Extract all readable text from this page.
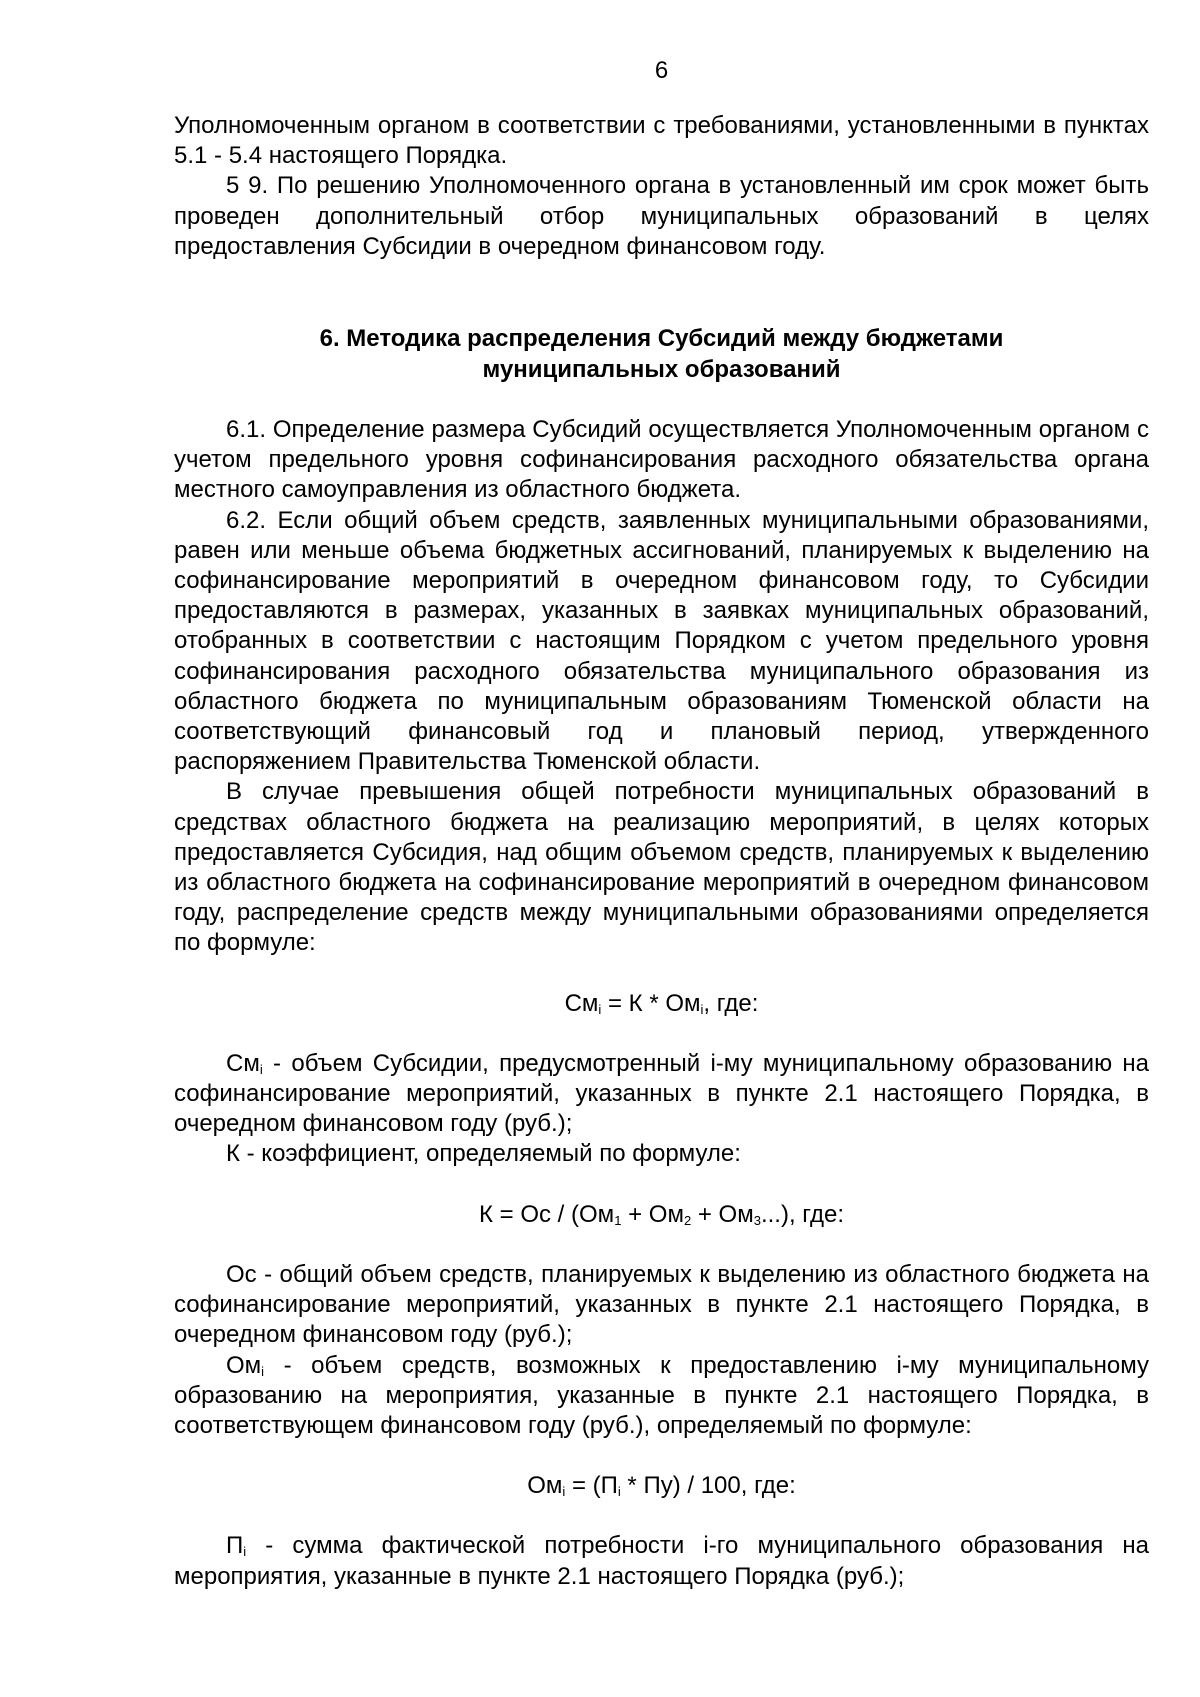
6

Уполномоченным органом в соответствии с требованиями, установленными в пунктах 5.1 - 5.4 настоящего Порядка.

5 9. По решению Уполномоченного органа в установленный им срок может быть проведен дополнительный отбор муниципальных образований в целях предоставления Субсидии в очередном финансовом году.

6. Методика распределения Субсидий между бюджетами
муниципальных образований

6.1. Определение размера Субсидий осуществляется Уполномоченным органом с учетом предельного уровня софинансирования расходного обязательства органа местного самоуправления из областного бюджета.

6.2. Если общий объем средств, заявленных муниципальными образованиями, равен или меньше объема бюджетных ассигнований, планируемых к выделению на софинансирование мероприятий в очередном финансовом году, то Субсидии предоставляются в размерах, указанных в заявках муниципальных образований, отобранных в соответствии с настоящим Порядком с учетом предельного уровня софинансирования расходного обязательства муниципального образования из областного бюджета по муниципальным образованиям Тюменской области на соответствующий финансовый год и плановый период, утвержденного распоряжением Правительства Тюменской области.

В случае превышения общей потребности муниципальных образований в средствах областного бюджета на реализацию мероприятий, в целях которых предоставляется Субсидия, над общим объемом средств, планируемых к выделению из областного бюджета на софинансирование мероприятий в очередном финансовом году, распределение средств между муниципальными образованиями определяется по формуле:

$См_i = К * Ом_i$, где:

$См_i$ - объем Субсидии, предусмотренный i-му муниципальному образованию на софинансирование мероприятий, указанных в пункте 2.1 настоящего Порядка, в очередном финансовом году (руб.);

К - коэффициент, определяемый по формуле:

К = Ос / $(Ом_1 + Ом_2 + Ом_3...)$, где:

Ос - общий объем средств, планируемых к выделению из областного бюджета на софинансирование мероприятий, указанных в пункте 2.1 настоящего Порядка, в очередном финансовом году (руб.);

$Ом_i$ - объем средств, возможных к предоставлению i-му муниципальному образованию на мероприятия, указанные в пункте 2.1 настоящего Порядка, в соответствующем финансовом году (руб.), определяемый по формуле:

$Ом_i = (П_i * Пу) / 100$, где:

$П_i$ - сумма фактической потребности i-го муниципального образования на мероприятия, указанные в пункте 2.1 настоящего Порядка (руб.);
